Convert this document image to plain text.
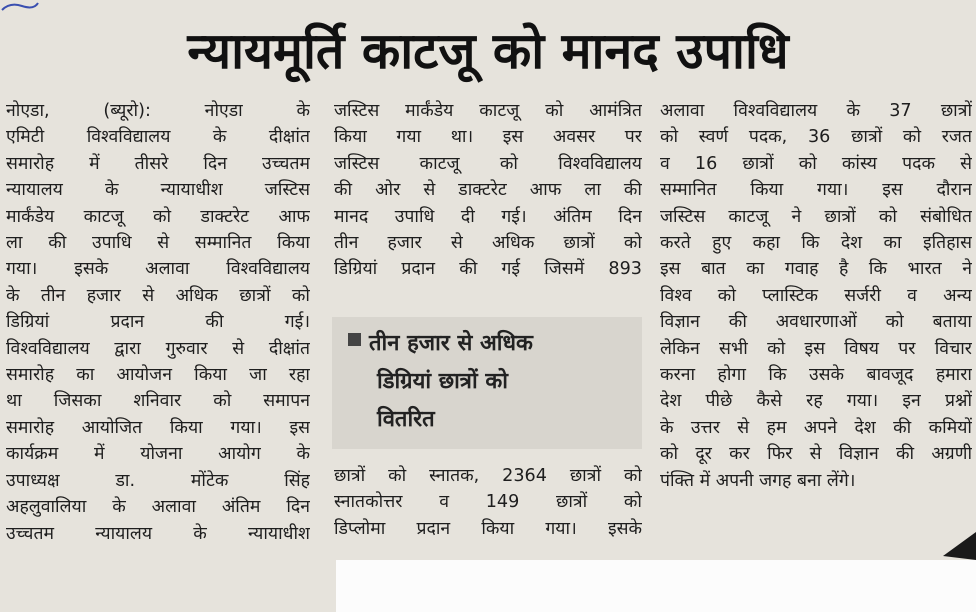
न्यायमूर्ति काटजू को मानद उपाधि

नोएडा, (ब्यूरो): नोएडा के

एमिटी विश्वविद्यालय के दीक्षांत

समारोह में तीसरे दिन उच्चतम

न्यायालय के न्यायाधीश जस्टिस

मार्कंडेय काटजू को डाक्टरेट आफ

ला की उपाधि से सम्मानित किया

गया। इसके अलावा विश्वविद्यालय

के तीन हजार से अधिक छात्रों को

डिग्रियां प्रदान की गई।

विश्वविद्यालय द्वारा गुरुवार से दीक्षांत

समारोह का आयोजन किया जा रहा

था जिसका शनिवार को समापन

समारोह आयोजित किया गया। इस

कार्यक्रम में योजना आयोग के

उपाध्यक्ष डा. मोंटेक सिंह

अहलुवालिया के अलावा अंतिम दिन

उच्चतम न्यायालय के न्यायाधीश

जस्टिस मार्कंडेय काटजू को आमंत्रित

किया गया था। इस अवसर पर

जस्टिस काटजू को विश्वविद्यालय

की ओर से डाक्टरेट आफ ला की

मानद उपाधि दी गई। अंतिम दिन

तीन हजार से अधिक छात्रों को

डिग्रियां प्रदान की गई जिसमें 893

तीन हजार से अधिक
डिग्रियां छात्रों को
वितरित

छात्रों को स्नातक, 2364 छात्रों को

स्नातकोत्तर व 149 छात्रों को

डिप्लोमा प्रदान किया गया। इसके

अलावा विश्वविद्यालय के 37 छात्रों

को स्वर्ण पदक, 36 छात्रों को रजत

व 16 छात्रों को कांस्य पदक से

सम्मानित किया गया। इस दौरान

जस्टिस काटजू ने छात्रों को संबोधित

करते हुए कहा कि देश का इतिहास

इस बात का गवाह है कि भारत ने

विश्व को प्लास्टिक सर्जरी व अन्य

विज्ञान की अवधारणाओं को बताया

लेकिन सभी को इस विषय पर विचार

करना होगा कि उसके बावजूद हमारा

देश पीछे कैसे रह गया। इन प्रश्नों

के उत्तर से हम अपने देश की कमियों

को दूर कर फिर से विज्ञान की अग्रणी

पंक्ति में अपनी जगह बना लेंगे।
